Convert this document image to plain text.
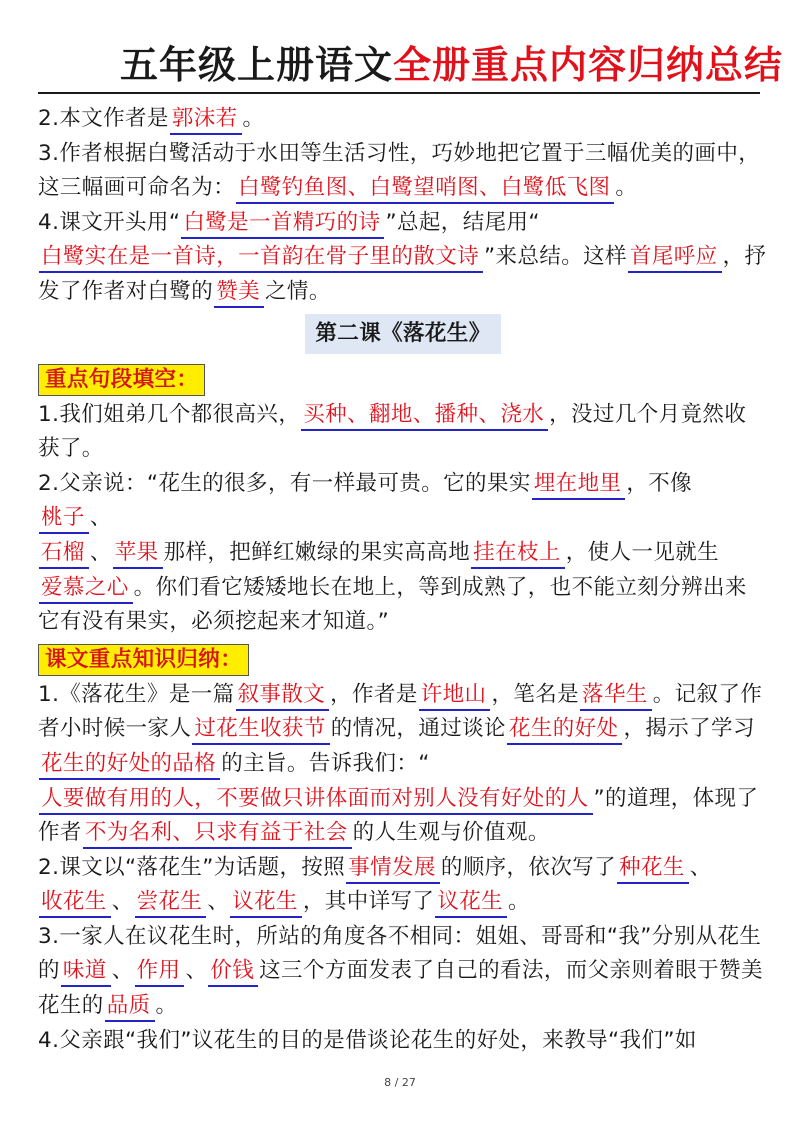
五年级上册语文全册重点内容归纳总结

2.本文作者是 郭沫若 。

3.作者根据白鹭活动于水田等生活习性，巧妙地把它置于三幅优美的画中，这三幅画可命名为： 白鹭钓鱼图、白鹭望哨图、白鹭低飞图 。

4.课文开头用“ 白鹭是一首精巧的诗 ”总起，结尾用“白鹭实在是一首诗，一首韵在骨子里的散文诗 ”来总结。这样 首尾呼应 ，抒发了作者对白鹭的 赞美 之情。

第二课《落花生》
重点句段填空：

1.我们姐弟几个都很高兴， 买种、翻地、播种、浇水 ，没过几个月竟然收获了。

2.父亲说：“花生的很多，有一样最可贵。它的果实 埋在地里 ，不像
桃子 、
石榴 、 苹果 那样，把鲜红嫩绿的果实高高地 挂在枝上 ，使人一见就生爱慕之心 。你们看它矮矮地长在地上，等到成熟了，也不能立刻分辨出来它有没有果实，必须挖起来才知道。”

课文重点知识归纳：

1.《落花生》是一篇 叙事散文 ，作者是 许地山 ，笔名是 落华生 。记叙了作者小时候一家人 过花生收获节 的情况，通过谈论 花生的好处 ，揭示了学习花生的好处的品格 的主旨。告诉我们：“人要做有用的人，不要做只讲体面而对别人没有好处的人 ”的道理，体现了作者 不为名利、只求有益于社会 的人生观与价值观。

2.课文以“落花生”为话题，按照 事情发展 的顺序，依次写了 种花生 、收花生 、 尝花生 、 议花生 ，其中详写了 议花生 。

3.一家人在议花生时，所站的角度各不相同：姐姐、哥哥和“我”分别从花生的 味道 、 作用 、 价钱 这三个方面发表了自己的看法，而父亲则着眼于赞美花生的 品质 。

4.父亲跟“我们”议花生的目的是借谈论花生的好处，来教导“我们”如

8 / 27
